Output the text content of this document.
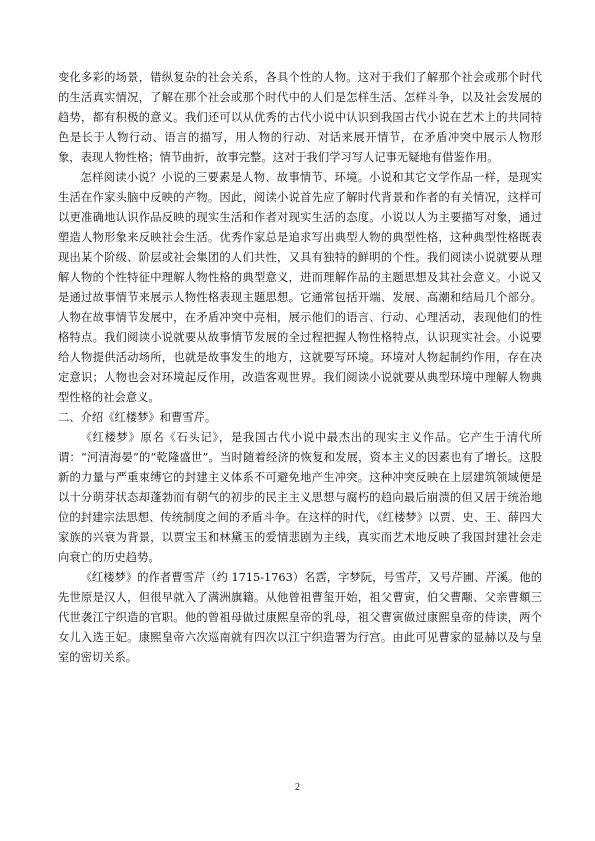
变化多彩的场景，错纵复杂的社会关系，各具个性的人物。这对于我们了解那个社会或那个时代的生活真实情况，了解在那个社会或那个时代中的人们是怎样生活、怎样斗争，以及社会发展的趋势，都有积极的意义。我们还可以从优秀的古代小说中认识到我国古代小说在艺术上的共同特色是长于人物行动、语言的描写，用人物的行动、对话来展开情节，在矛盾冲突中展示人物形象，表现人物性格；情节曲折，故事完整。这对于我们学习写人记事无疑地有借鉴作用。

怎样阅读小说？小说的三要素是人物、故事情节、环境。小说和其它文学作品一样，是现实生活在作家头脑中反映的产物。因此，阅读小说首先应了解时代背景和作者的有关情况，这样可以更准确地认识作品反映的现实生活和作者对现实生活的态度。小说以人为主要描写对象，通过塑造人物形象来反映社会生活。优秀作家总是追求写出典型人物的典型性格，这种典型性格既表现出某个阶级、阶层或社会集团的人们共性，又具有独特的鲜明的个性。我们阅读小说就要从理解人物的个性特征中理解人物性格的典型意义，进而理解作品的主题思想及其社会意义。小说又是通过故事情节来展示人物性格表现主题思想。它通常包括开端、发展、高潮和结局几个部分。人物在故事情节发展中，在矛盾冲突中亮相，展示他们的语言、行动、心理活动，表现他们的性格特点。我们阅读小说就要从故事情节发展的全过程把握人物性格特点，认识现实社会。小说要给人物提供活动场所，也就是故事发生的地方，这就要写环境。环境对人物起制约作用，存在决定意识；人物也会对环境起反作用，改造客观世界。我们阅读小说就要从典型环境中理解人物典型性格的社会意义。

二、介绍《红楼梦》和曹雪芹。

《红楼梦》原名《石头记》，是我国古代小说中最杰出的现实主义作品。它产生于清代所谓：“河清海晏”的“乾隆盛世”。当时随着经济的恢复和发展，资本主义的因素也有了增长。这股新的力量与严重束缚它的封建主义体系不可避免地产生冲突。这种冲突反映在上层建筑领域便是以十分萌芽状态却蓬勃而有朝气的初步的民主主义思想与腐朽的趋向最后崩溃的但又居于统治地位的封建宗法思想、传统制度之间的矛盾斗争。在这样的时代，《红楼梦》以贾、史、王、薛四大家族的兴衰为背景，以贾宝玉和林黛玉的爱情悲剧为主线，真实而艺术地反映了我国封建社会走向衰亡的历史趋势。

《红楼梦》的作者曹雪芹（约 1715-1763）名霑，字梦阮，号雪芹，又号芹圃、芹溪。他的先世原是汉人，但很早就入了满洲旗籍。从他曾祖曹玺开始，祖父曹寅，伯父曹颙、父亲曹頫三代世袭江宁织造的官职。他的曾祖母做过康熙皇帝的乳母，祖父曹寅做过康熙皇帝的侍读，两个女儿入选王妃。康熙皇帝六次巡南就有四次以江宁织造署为行宫。由此可见曹家的显赫以及与皇室的密切关系。

2
